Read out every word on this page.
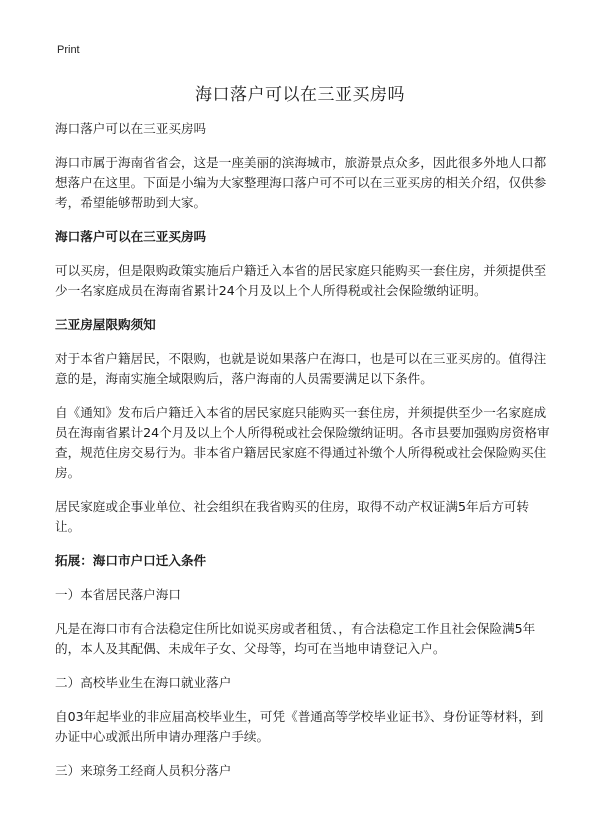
Print
海口落户可以在三亚买房吗

海口落户可以在三亚买房吗

海口市属于海南省省会，这是一座美丽的滨海城市，旅游景点众多，因此很多外地人口都想落户在这里。下面是小编为大家整理海口落户可不可以在三亚买房的相关介绍，仅供参考，希望能够帮助到大家。

海口落户可以在三亚买房吗

可以买房，但是限购政策实施后户籍迁入本省的居民家庭只能购买一套住房，并须提供至少一名家庭成员在海南省累计24个月及以上个人所得税或社会保险缴纳证明。

三亚房屋限购须知

对于本省户籍居民，不限购，也就是说如果落户在海口，也是可以在三亚买房的。值得注意的是，海南实施全域限购后，落户海南的人员需要满足以下条件。

自《通知》发布后户籍迁入本省的居民家庭只能购买一套住房，并须提供至少一名家庭成员在海南省累计24个月及以上个人所得税或社会保险缴纳证明。各市县要加强购房资格审查，规范住房交易行为。非本省户籍居民家庭不得通过补缴个人所得税或社会保险购买住房。

居民家庭或企事业单位、社会组织在我省购买的住房，取得不动产权证满5年后方可转让。

拓展：海口市户口迁入条件

一）本省居民落户海口

凡是在海口市有合法稳定住所比如说买房或者租赁、，有合法稳定工作且社会保险满5年的，本人及其配偶、未成年子女、父母等，均可在当地申请登记入户。

二）高校毕业生在海口就业落户

自03年起毕业的非应届高校毕业生，可凭《普通高等学校毕业证书》、身份证等材料，到办证中心或派出所申请办理落户手续。

三）来琼务工经商人员积分落户
